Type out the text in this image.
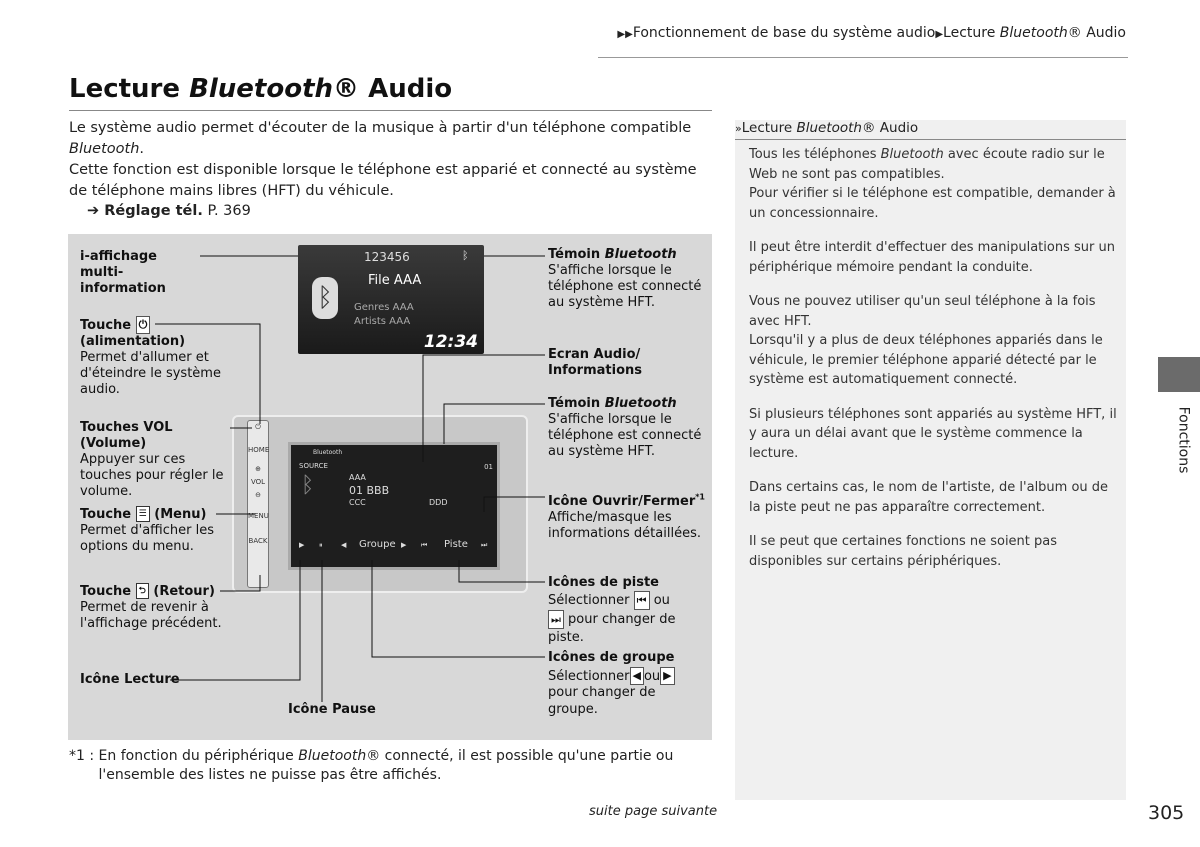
▶▶Fonctionnement de base du système audio▶Lecture Bluetooth® Audio
Lecture Bluetooth® Audio
Le système audio permet d'écouter de la musique à partir d'un téléphone compatible
Bluetooth.
Cette fonction est disponible lorsque le téléphone est apparié et connecté au système de téléphone mains libres (HFT) du véhicule.
➔ Réglage tél. P. 369
123456	ᛒ
ᛒ
File AAA
Genres AAA
Artists AAA
12:34
⏻
HOME
⊕
VOL
⊖
MENU
BACK
Bluetooth
SOURCE
ᛒ
01
AAA
01 BBB
CCC	DDD
▶ ⏸	◀ Groupe ▶ ⏮ Piste ⏭
i-affichage multi-information
Touche ⏻
(alimentation)
Permet d'allumer et d'éteindre le système audio.
Touches VOL (Volume)
Appuyer sur ces touches pour régler le volume.
Touche ☰ (Menu)
Permet d'afficher les options du menu.
Touche ⮌ (Retour)
Permet de revenir à l'affichage précédent.
Icône Lecture
Icône Pause
Témoin Bluetooth
S'affiche lorsque le téléphone est connecté au système HFT.
Ecran Audio/ Informations
Témoin Bluetooth
S'affiche lorsque le téléphone est connecté au système HFT.
Icône Ouvrir/Fermer$^{*1}$
Affiche/masque les informations détaillées.
Icônes de piste
Sélectionner ⏮ ou
⏭ pour changer de piste.
Icônes de groupe
Sélectionner ◀ ou ▶
pour changer de groupe.
*1 : En fonction du périphérique Bluetooth® connecté, il est possible qu'une partie ou l'ensemble des listes ne puisse pas être affichés.
»Lecture Bluetooth® Audio

Tous les téléphones Bluetooth avec écoute radio sur le Web ne sont pas compatibles.
Pour vérifier si le téléphone est compatible, demander à un concessionnaire.

Il peut être interdit d'effectuer des manipulations sur un périphérique mémoire pendant la conduite.

Vous ne pouvez utiliser qu'un seul téléphone à la fois avec HFT.
Lorsqu'il y a plus de deux téléphones appariés dans le véhicule, le premier téléphone apparié détecté par le système est automatiquement connecté.

Si plusieurs téléphones sont appariés au système HFT, il y aura un délai avant que le système commence la lecture.

Dans certains cas, le nom de l'artiste, de l'album ou de la piste peut ne pas apparaître correctement.

Il se peut que certaines fonctions ne soient pas disponibles sur certains périphériques.

Fonctions
suite page suivante	305
